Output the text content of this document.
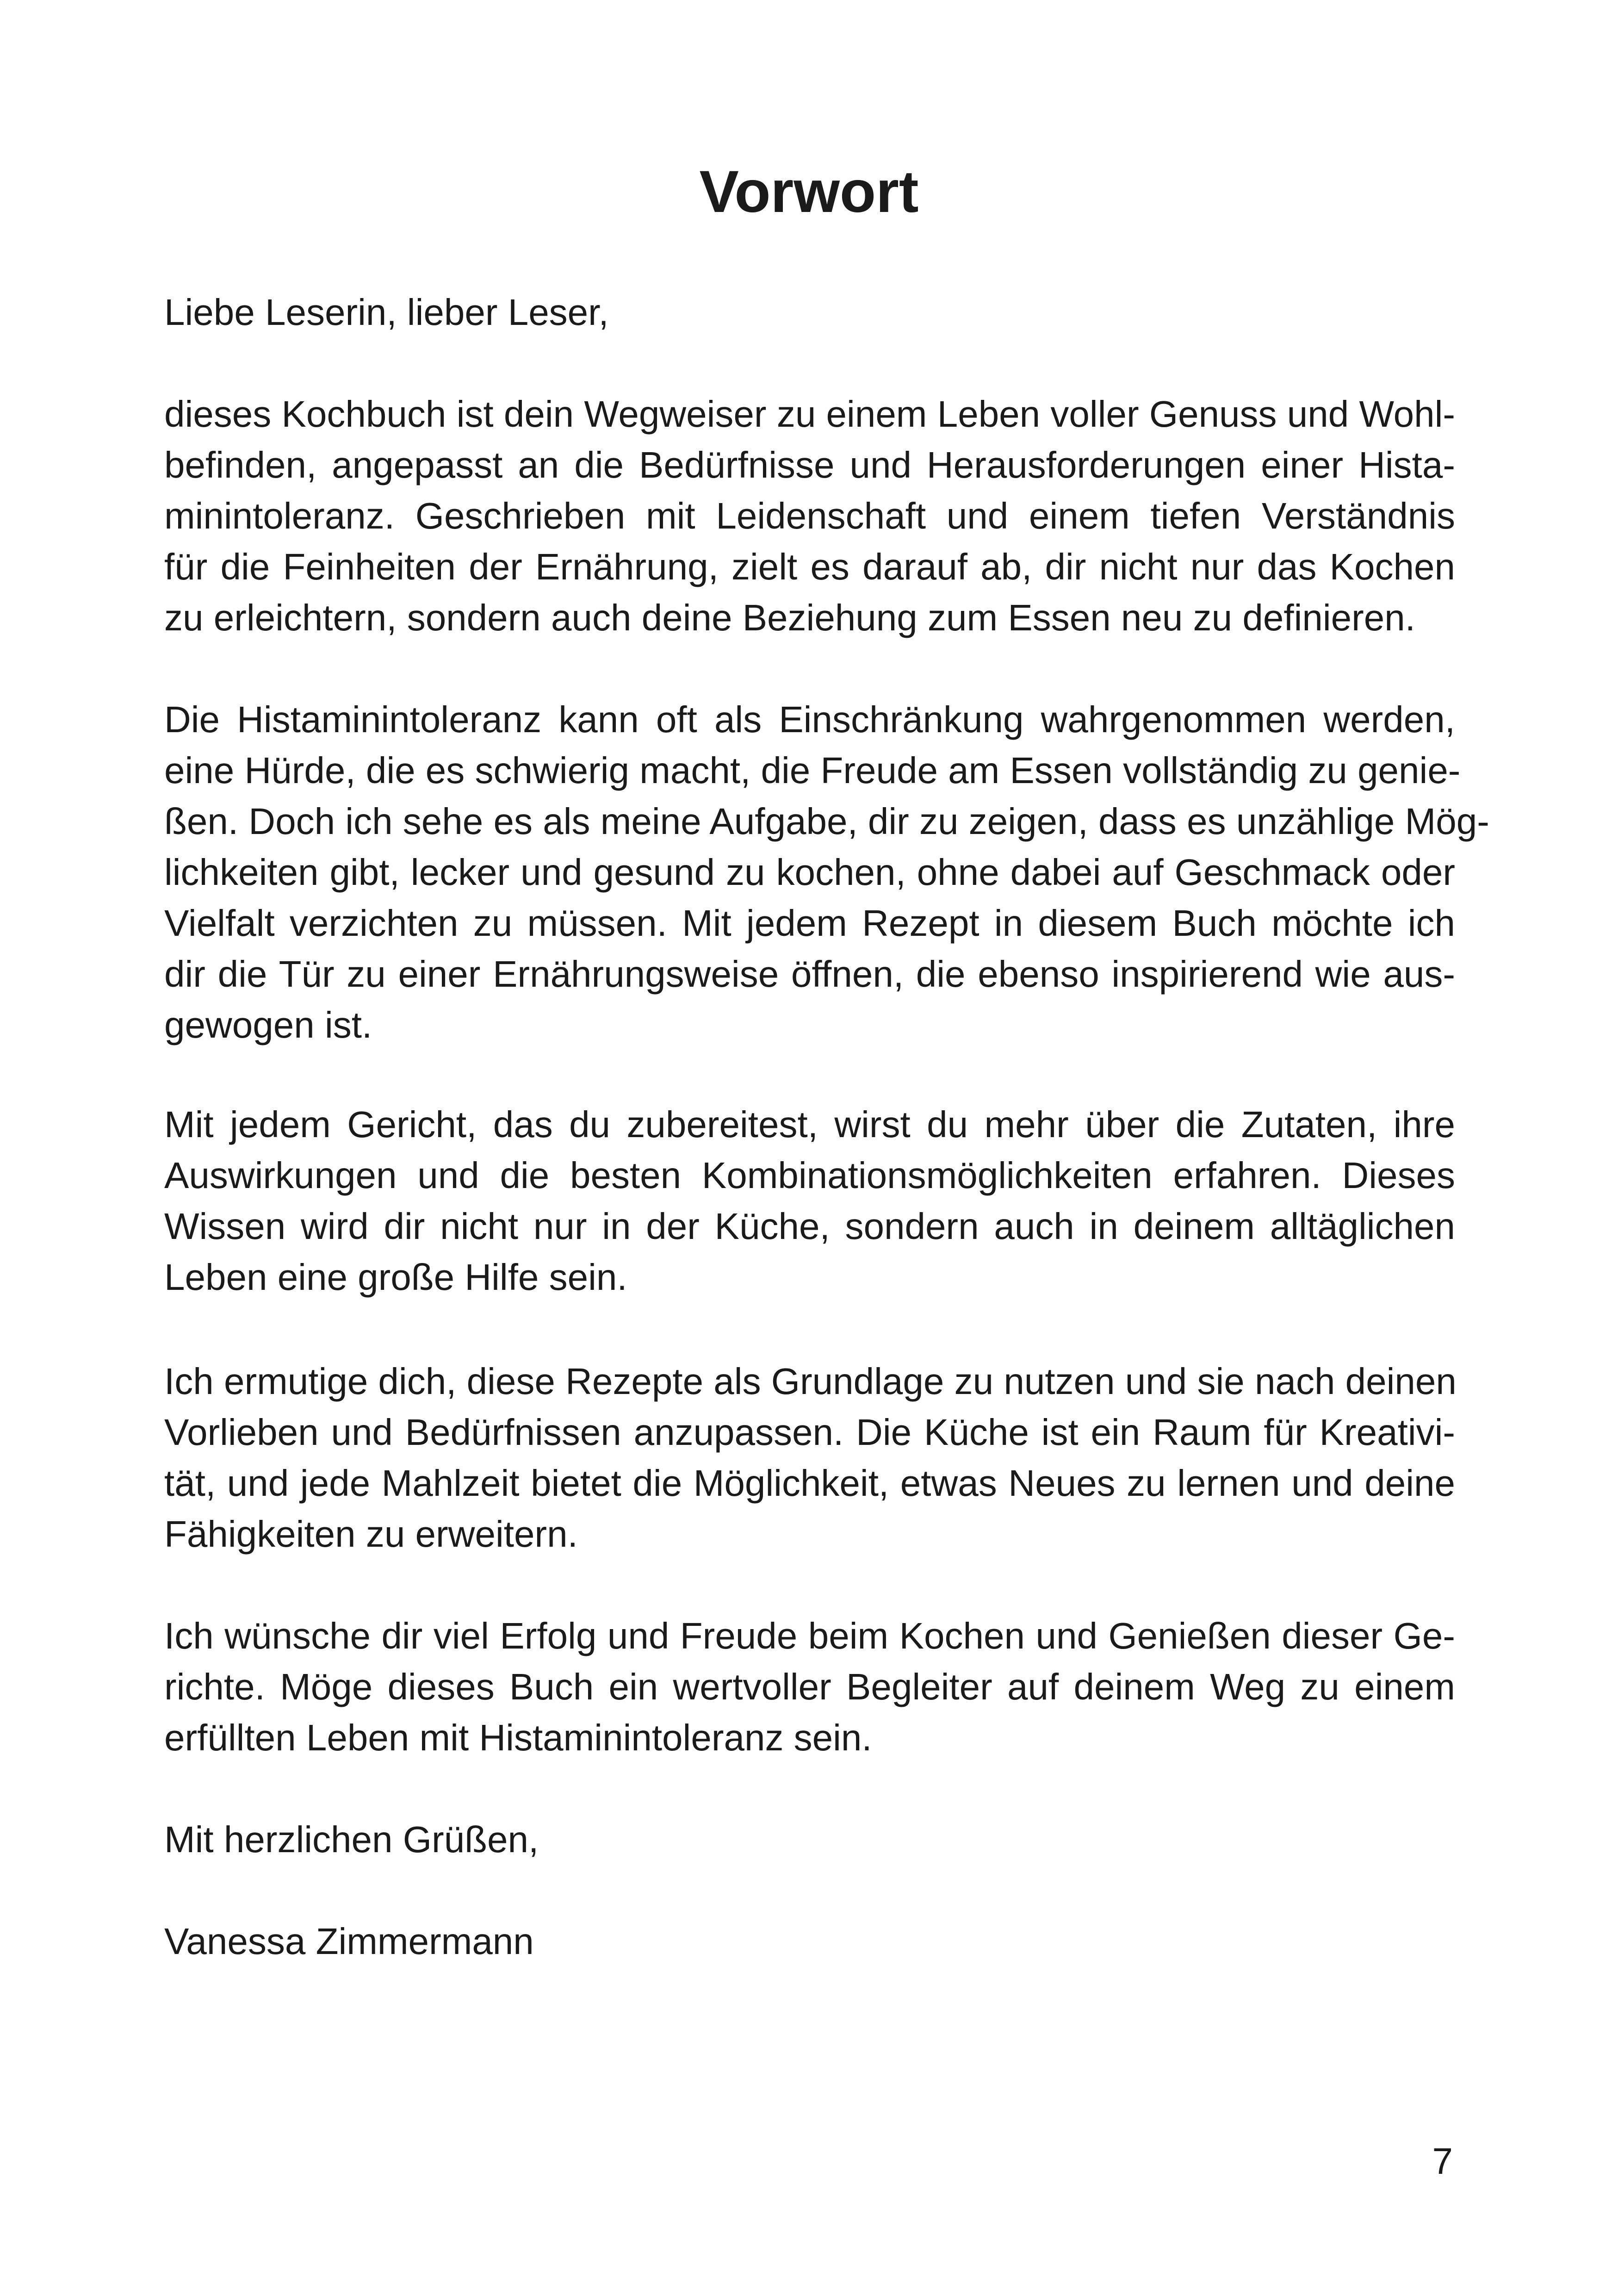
Vorwort

Liebe Leserin, lieber Leser,

dieses Kochbuch ist dein Wegweiser zu einem Leben voller Genuss und Wohl-
befinden, angepasst an die Bedürfnisse und Herausforderungen einer Hista-
minintoleranz. Geschrieben mit Leidenschaft und einem tiefen Verständnis
für die Feinheiten der Ernährung, zielt es darauf ab, dir nicht nur das Kochen
zu erleichtern, sondern auch deine Beziehung zum Essen neu zu definieren.

Die Histaminintoleranz kann oft als Einschränkung wahrgenommen werden,
eine Hürde, die es schwierig macht, die Freude am Essen vollständig zu genie-
ßen. Doch ich sehe es als meine Aufgabe, dir zu zeigen, dass es unzählige Mög-
lichkeiten gibt, lecker und gesund zu kochen, ohne dabei auf Geschmack oder
Vielfalt verzichten zu müssen. Mit jedem Rezept in diesem Buch möchte ich
dir die Tür zu einer Ernährungsweise öffnen, die ebenso inspirierend wie aus-
gewogen ist.

Mit jedem Gericht, das du zubereitest, wirst du mehr über die Zutaten, ihre
Auswirkungen und die besten Kombinationsmöglichkeiten erfahren. Dieses
Wissen wird dir nicht nur in der Küche, sondern auch in deinem alltäglichen
Leben eine große Hilfe sein.

Ich ermutige dich, diese Rezepte als Grundlage zu nutzen und sie nach deinen
Vorlieben und Bedürfnissen anzupassen. Die Küche ist ein Raum für Kreativi-
tät, und jede Mahlzeit bietet die Möglichkeit, etwas Neues zu lernen und deine
Fähigkeiten zu erweitern.

Ich wünsche dir viel Erfolg und Freude beim Kochen und Genießen dieser Ge-
richte. Möge dieses Buch ein wertvoller Begleiter auf deinem Weg zu einem
erfüllten Leben mit Histaminintoleranz sein.

Mit herzlichen Grüßen,

Vanessa Zimmermann

7
